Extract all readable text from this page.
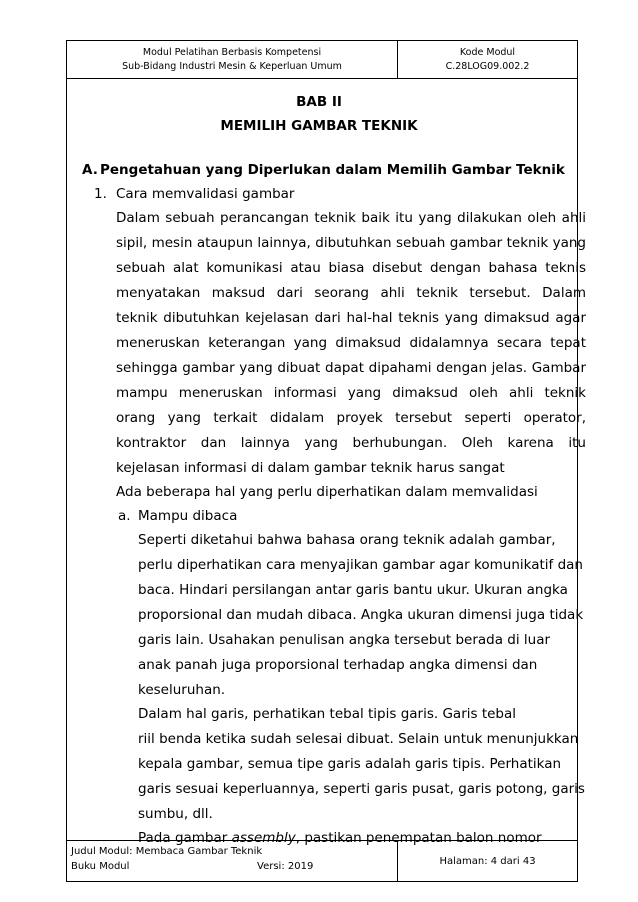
Modul Pelatihan Berbasis Kompetensi
Sub-Bidang Industri Mesin & Keperluan Umum
Kode Modul
C.28LOG09.002.2
BAB II
MEMILIH GAMBAR TEKNIK
A. Pengetahuan yang Diperlukan dalam Memilih Gambar Teknik
1. Cara memvalidasi gambar
Dalam sebuah perancangan teknik baik itu yang dilakukan oleh ahli
sipil, mesin ataupun lainnya, dibutuhkan sebuah gambar teknik yang
sebuah alat komunikasi atau biasa disebut dengan bahasa teknis
menyatakan maksud dari seorang ahli teknik tersebut. Dalam
teknik dibutuhkan kejelasan dari hal-hal teknis yang dimaksud agar
meneruskan keterangan yang dimaksud didalamnya secara tepat
sehingga gambar yang dibuat dapat dipahami dengan jelas. Gambar
mampu meneruskan informasi yang dimaksud oleh ahli teknik
orang yang terkait didalam proyek tersebut seperti operator,
kontraktor dan lainnya yang berhubungan. Oleh karena itu
kejelasan informasi di dalam gambar teknik harus sangat
Ada beberapa hal yang perlu diperhatikan dalam memvalidasi
a. Mampu dibaca
Seperti diketahui bahwa bahasa orang teknik adalah gambar,
perlu diperhatikan cara menyajikan gambar agar komunikatif dan
baca. Hindari persilangan antar garis bantu ukur. Ukuran angka
proporsional dan mudah dibaca. Angka ukuran dimensi juga tidak
garis lain. Usahakan penulisan angka tersebut berada di luar
anak panah juga proporsional terhadap angka dimensi dan
keseluruhan.
Dalam hal garis, perhatikan tebal tipis garis. Garis tebal
riil benda ketika sudah selesai dibuat. Selain untuk menunjukkan
kepala gambar, semua tipe garis adalah garis tipis. Perhatikan
garis sesuai keperluannya, seperti garis pusat, garis potong, garis
sumbu, dll.
Pada gambar assembly, pastikan penempatan balon nomor
Judul Modul: Membaca Gambar Teknik
Buku Modul	Versi: 2019	Halaman: 4 dari 43
